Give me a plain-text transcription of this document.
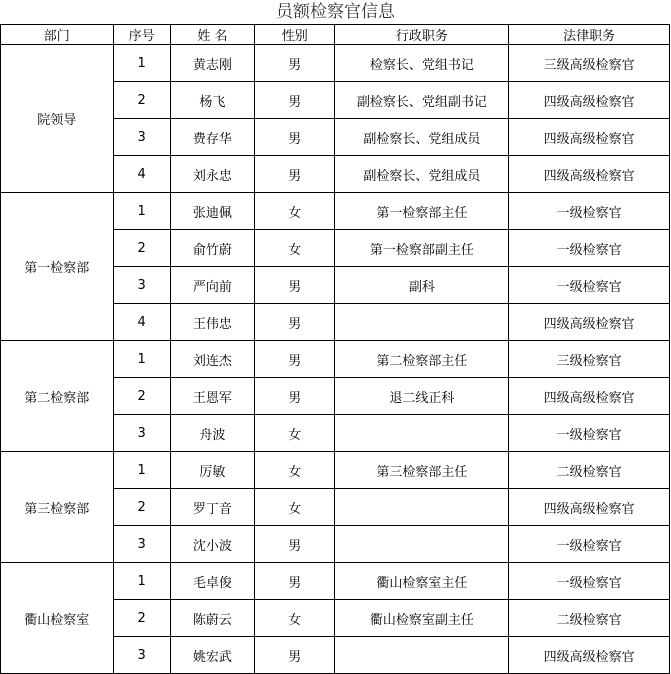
员额检察官信息
部门	序号	姓 名	性别	行政职务	法律职务
院领导	1	黄志刚	男	检察长、党组书记	三级高级检察官
	2	杨飞	男	副检察长、党组副书记	四级高级检察官
	3	费存华	男	副检察长、党组成员	四级高级检察官
	4	刘永忠	男	副检察长、党组成员	四级高级检察官
第一检察部	1	张迪佩	女	第一检察部主任	一级检察官
	2	俞竹蔚	女	第一检察部副主任	一级检察官
	3	严向前	男	副科	一级检察官
	4	王伟忠	男		四级高级检察官
第二检察部	1	刘连杰	男	第二检察部主任	三级检察官
	2	王恩军	男	退二线正科	四级高级检察官
	3	舟波	女		一级检察官
第三检察部	1	厉敏	女	第三检察部主任	二级检察官
	2	罗丁音	女		四级高级检察官
	3	沈小波	男		一级检察官
衢山检察室	1	毛卓俊	男	衢山检察室主任	一级检察官
	2	陈蔚云	女	衢山检察室副主任	二级检察官
	3	姚宏武	男		四级高级检察官
